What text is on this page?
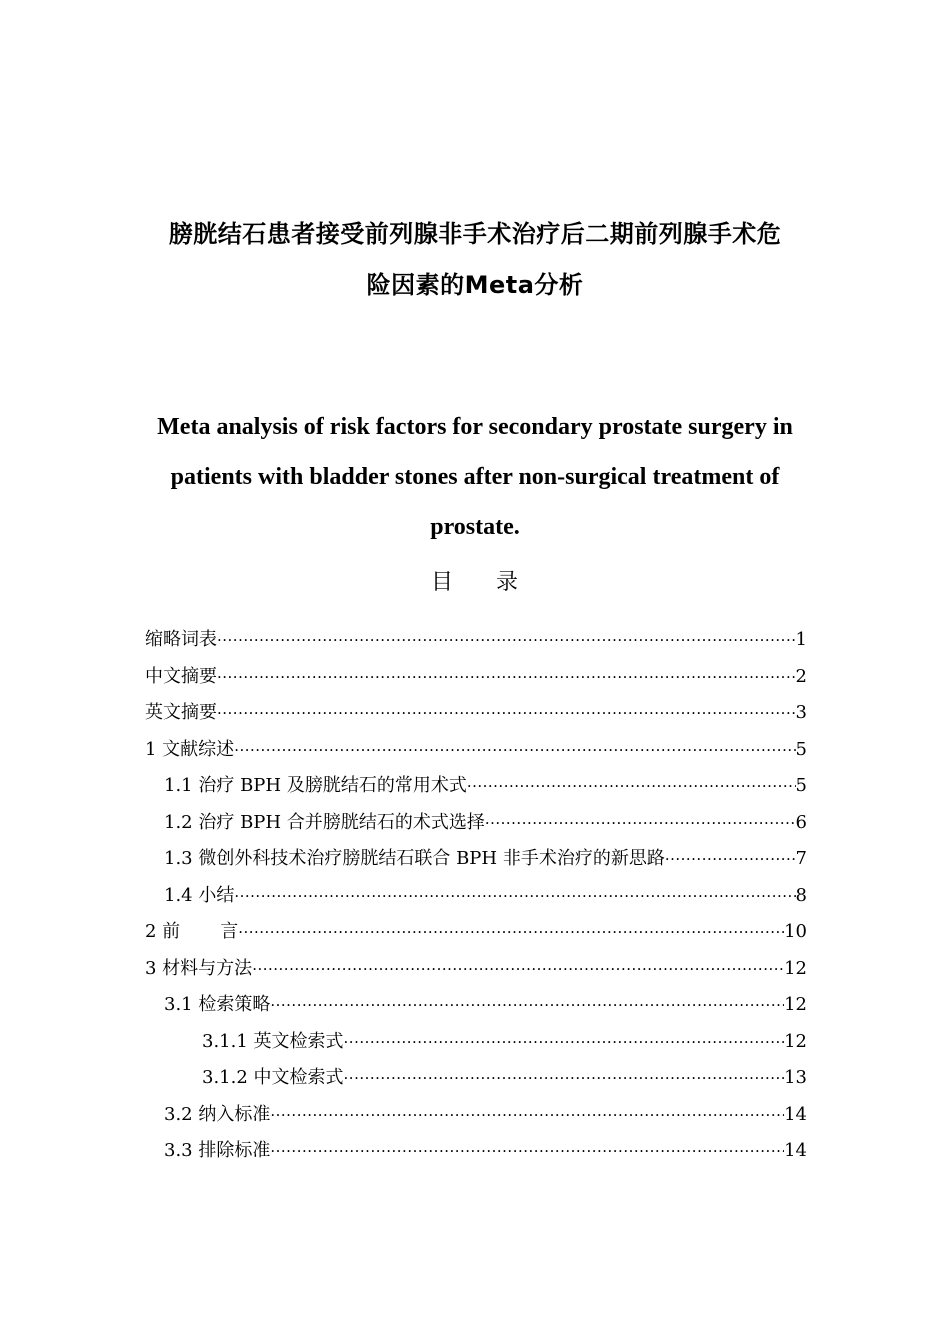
膀胱结石患者接受前列腺非手术治疗后二期前列腺手术危
险因素的Meta分析
Meta analysis of risk factors for secondary prostate surgery in
patients with bladder stones after non-surgical treatment of
prostate.
目 录
缩略词表 ·····	1
中文摘要 ·····	2
英文摘要 ·····	3
1 文献综述 ·····	5
1.1 治疗 BPH 及膀胱结石的常用术式 ·····	5
1.2 治疗 BPH 合并膀胱结石的术式选择 ·····	6
1.3 微创外科技术治疗膀胱结石联合 BPH 非手术治疗的新思路 ·····	7
1.4 小结 ·····	8
2 前 言 ·····	10
3 材料与方法 ·····	12
3.1 检索策略 ·····	12
3.1.1 英文检索式 ·····	12
3.1.2 中文检索式 ·····	13
3.2 纳入标准 ·····	14
3.3 排除标准 ·····	14
